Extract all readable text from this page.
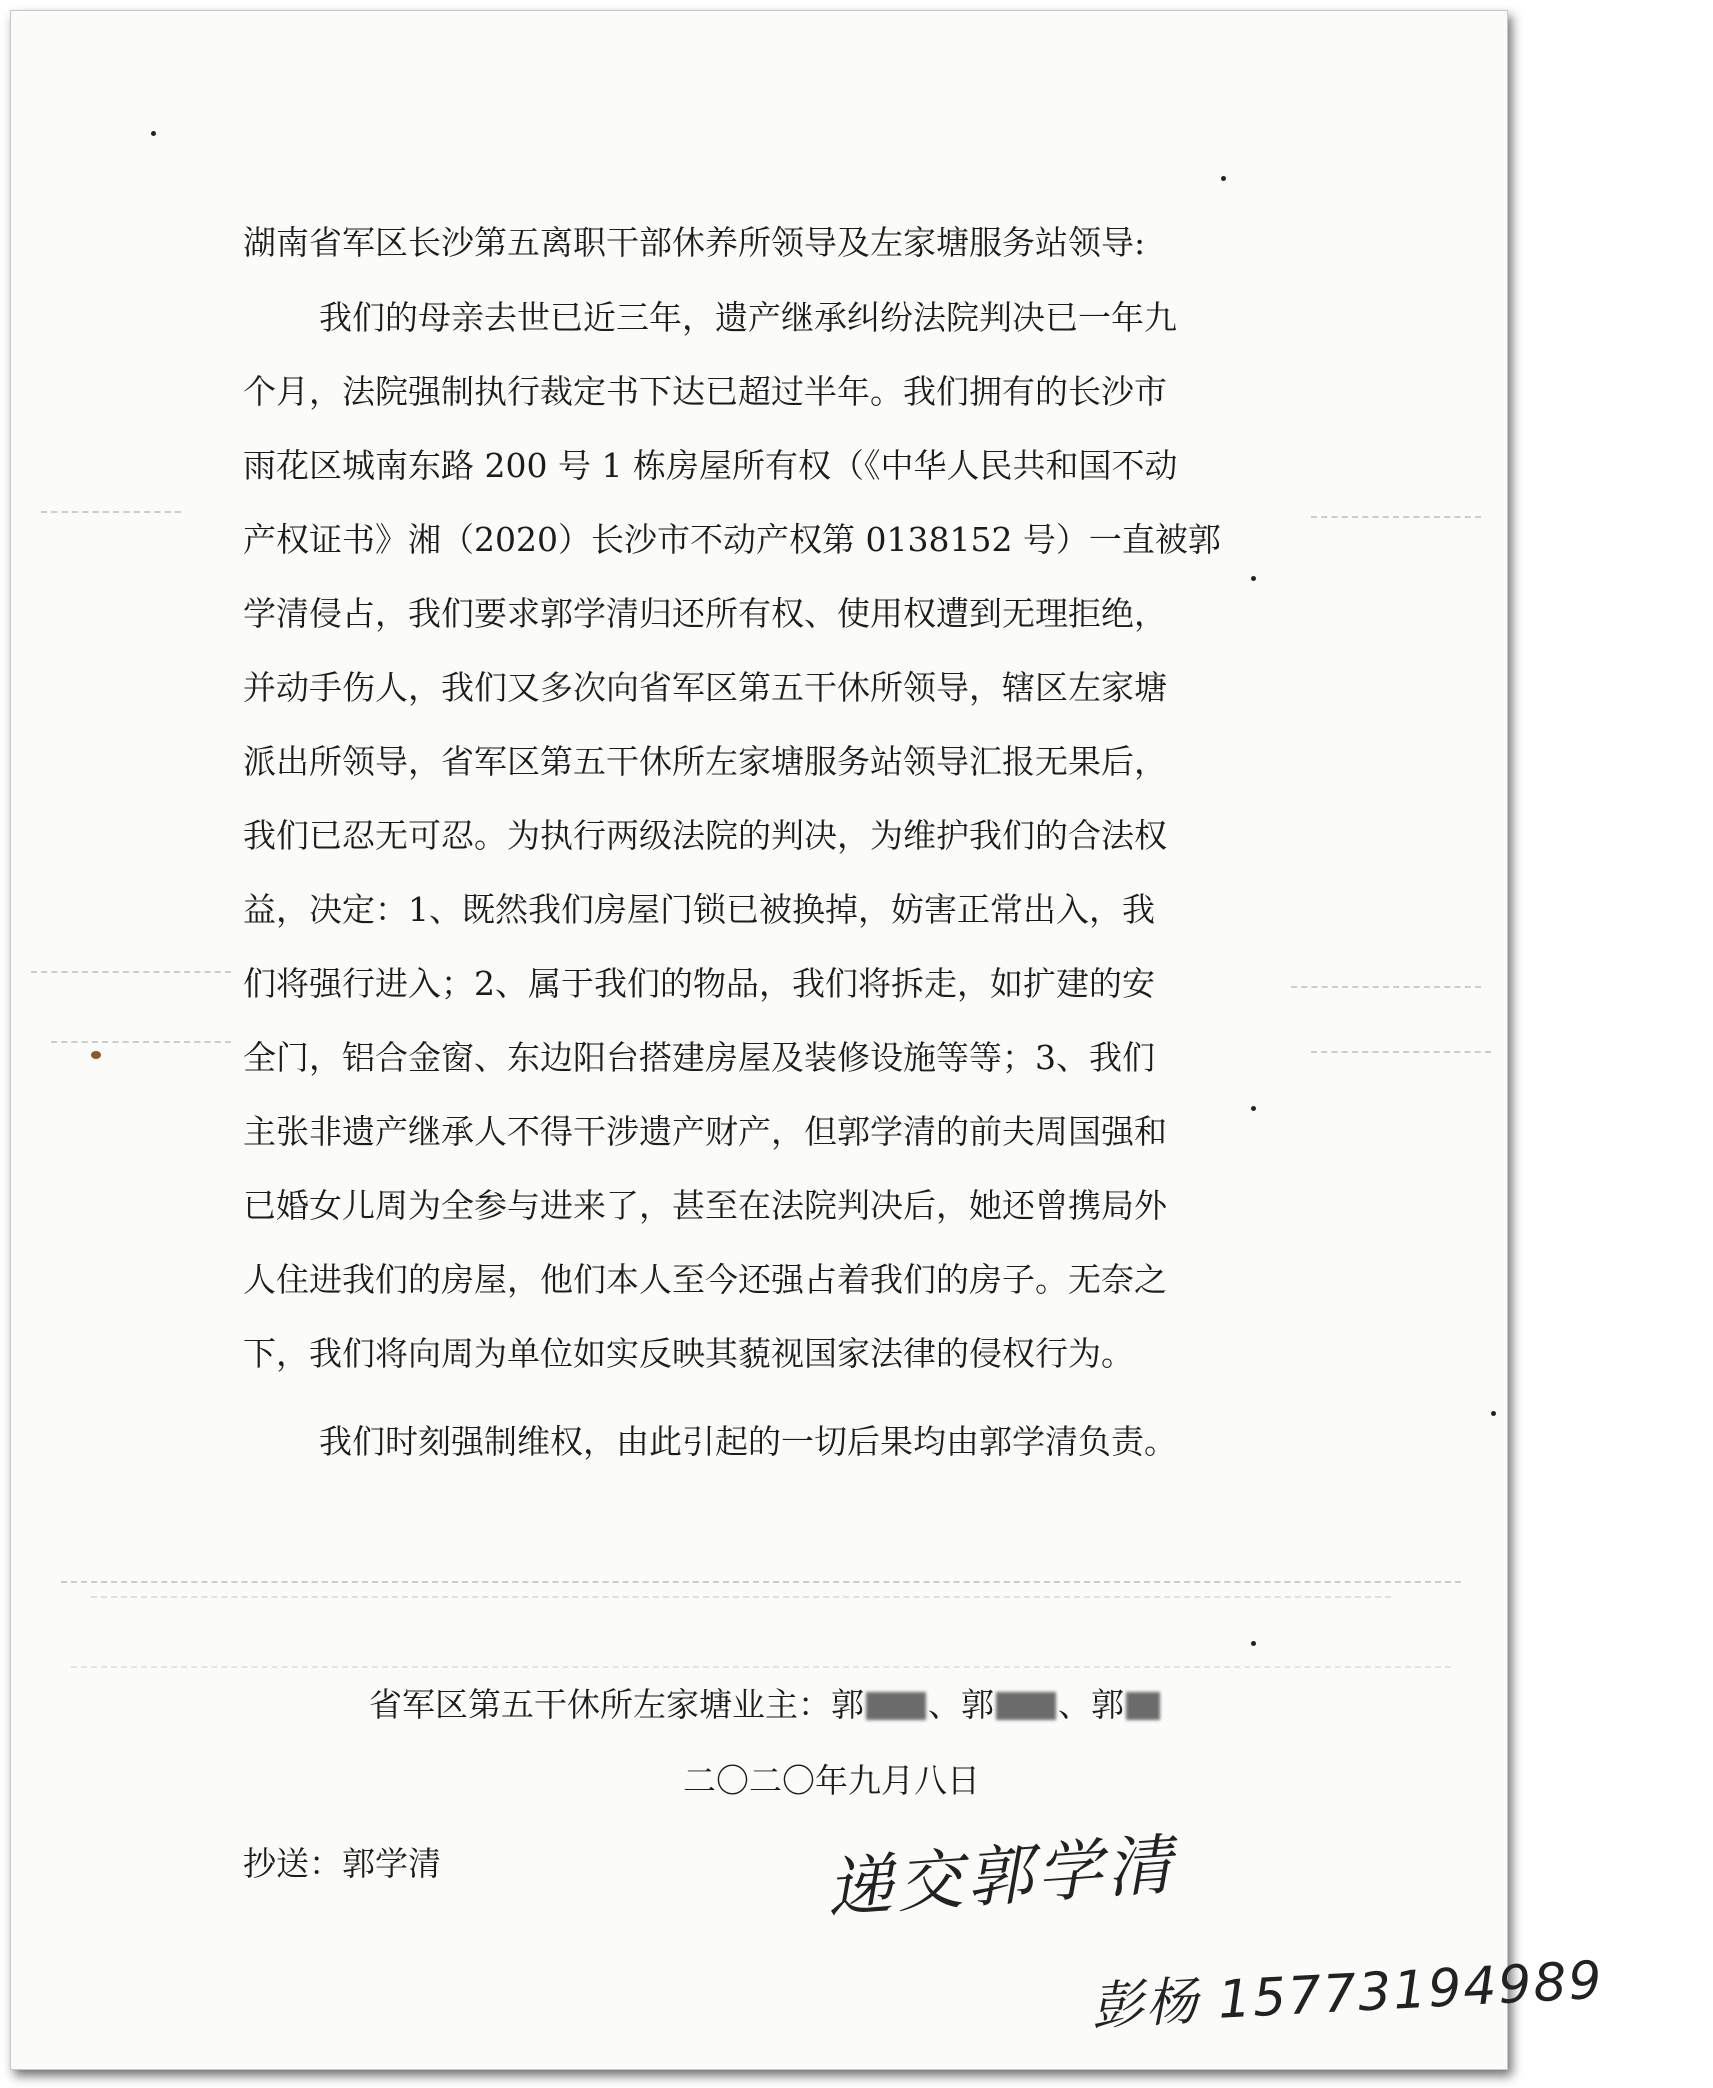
湖南省军区长沙第五离职干部休养所领导及左家塘服务站领导:
我们的母亲去世已近三年，遗产继承纠纷法院判决已一年九
个月，法院强制执行裁定书下达已超过半年。我们拥有的长沙市
雨花区城南东路 200 号 1 栋房屋所有权（《中华人民共和国不动
产权证书》湘（2020）长沙市不动产权第 0138152 号）一直被郭
学清侵占，我们要求郭学清归还所有权、使用权遭到无理拒绝，
并动手伤人，我们又多次向省军区第五干休所领导，辖区左家塘
派出所领导，省军区第五干休所左家塘服务站领导汇报无果后，
我们已忍无可忍。为执行两级法院的判决，为维护我们的合法权
益，决定：1、既然我们房屋门锁已被换掉，妨害正常出入，我
们将强行进入；2、属于我们的物品，我们将拆走，如扩建的安
全门，铝合金窗、东边阳台搭建房屋及装修设施等等；3、我们
主张非遗产继承人不得干涉遗产财产，但郭学清的前夫周国强和
已婚女儿周为全参与进来了，甚至在法院判决后，她还曾携局外
人住进我们的房屋，他们本人至今还强占着我们的房子。无奈之
下，我们将向周为单位如实反映其藐视国家法律的侵权行为。
我们时刻强制维权，由此引起的一切后果均由郭学清负责。
省军区第五干休所左家塘业主：郭 、郭 、郭
二〇二〇年九月八日
抄送：郭学清	递交郭学清
彭杨 15773194989
